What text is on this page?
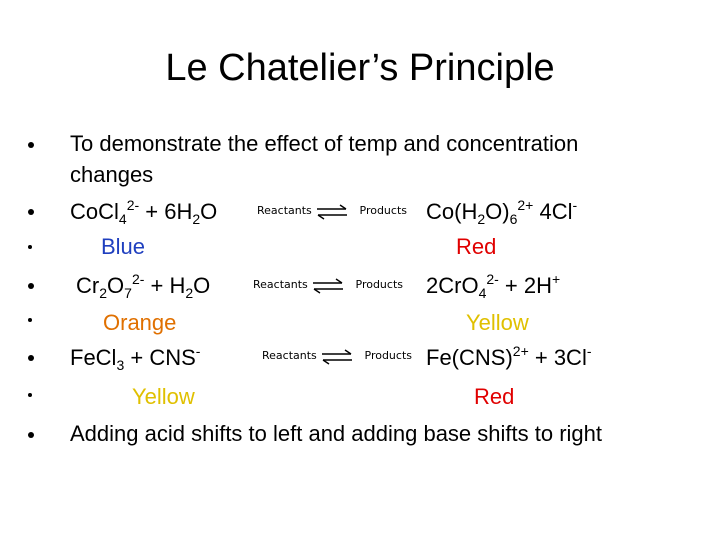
Le Chatelier’s Principle
To demonstrate the effect of temp and concentration
changes
CoCl$_4^{2-}$ + $6H_2O$	Reactants ⇌ Products $Co(H_2O)_6^{2+}$ 4Cl-
Blue	Red
$Cr_2O_7^{2-} + H_2O$	Reactants ⇌ Products 2CrO$_4^{2-}$ + 2H+
Orange	Yellow
FeCl$_3$ + CNS-	Reactants ⇌ Products Fe(CNS)$^{2+}$ + 3Cl-
Yellow	Red
Adding acid shifts to left and adding base shifts to right
